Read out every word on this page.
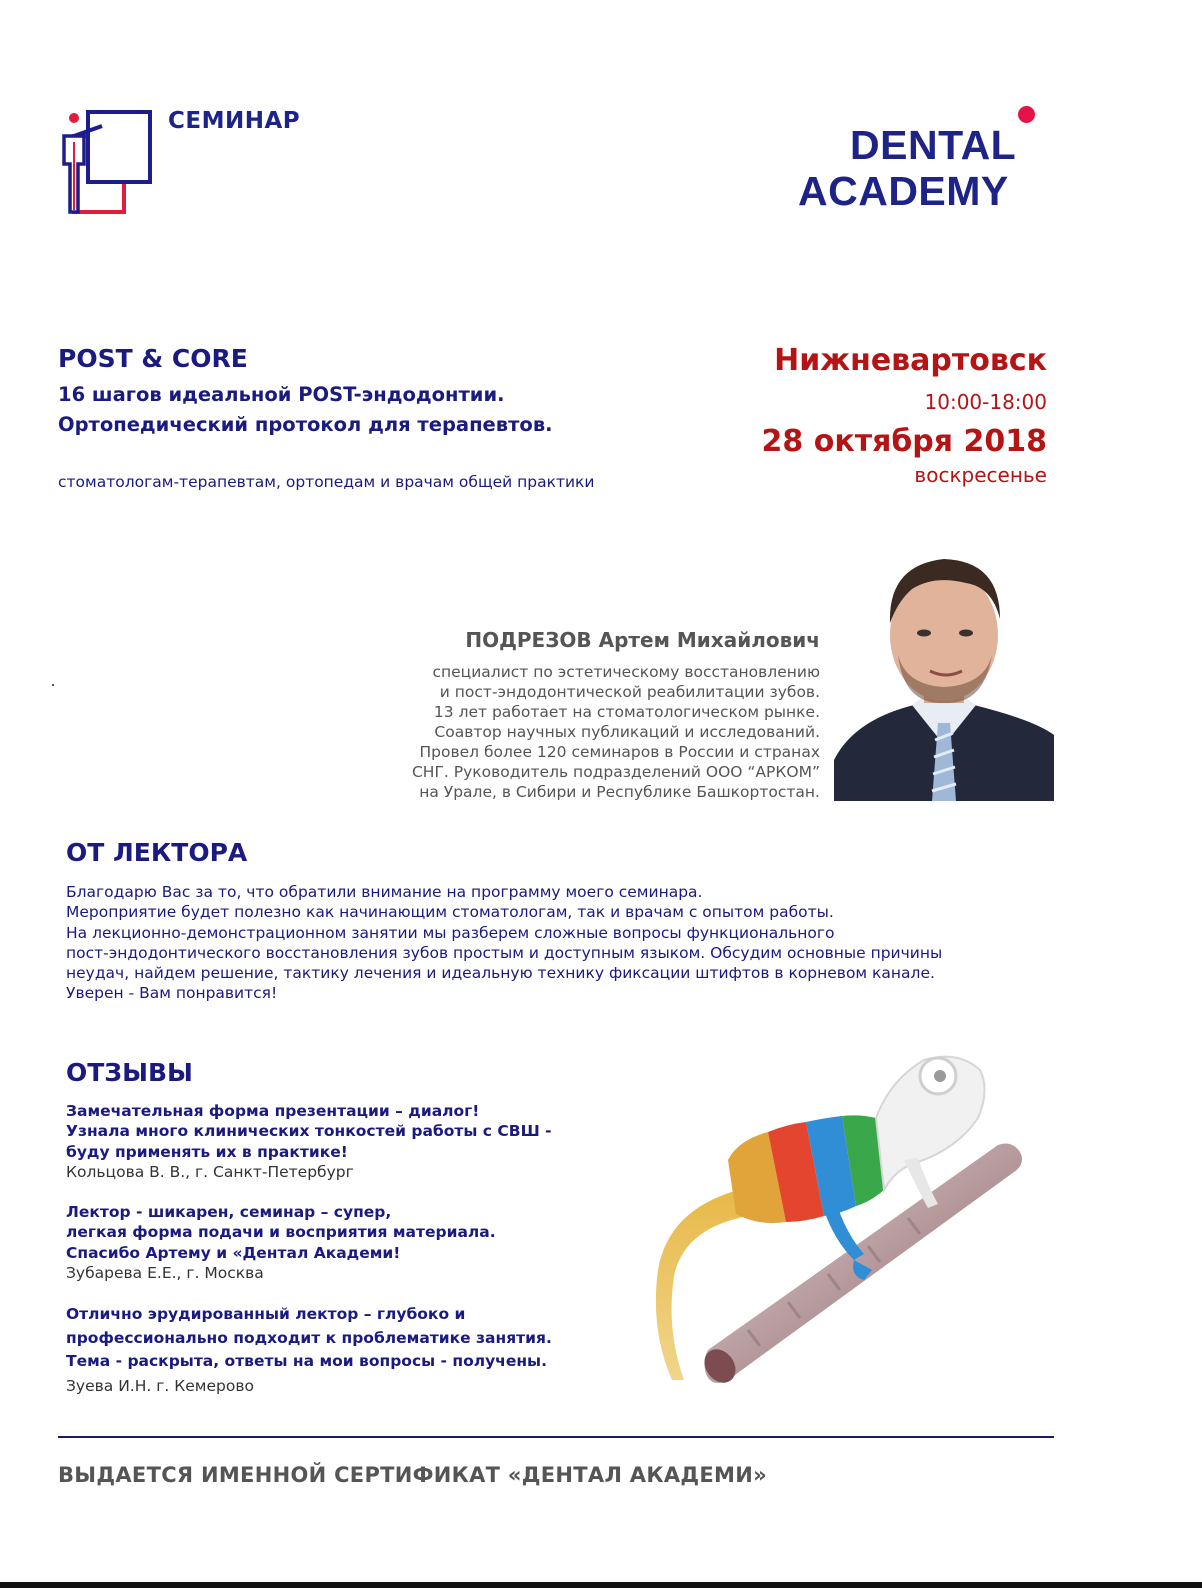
СЕМИНАР
DENTAL
ACADEMY
POST & CORE
16 шагов идеальной POST-эндодонтии.
Ортопедический протокол для терапевтов.
стоматологам-терапевтам, ортопедам и врачам общей практики
Нижневартовск
10:00-18:00
28 октября 2018
воскресенье
ПОДРЕЗОВ Артем Михайлович
специалист по эстетическому восстановлению
и пост-эндодонтической реабилитации зубов.
13 лет работает на стоматологическом рынке.
Соавтор научных публикаций и исследований.
Провел более 120 семинаров в России и странах
СНГ. Руководитель подразделений ООО “АРКОМ”
на Урале, в Сибири и Республике Башкортостан.
ОТ ЛЕКТОРА
Благодарю Вас за то, что обратили внимание на программу моего семинара.
Мероприятие будет полезно как начинающим стоматологам, так и врачам с опытом работы.
На лекционно-демонстрационном занятии мы разберем сложные вопросы функционального
пост-эндодонтического восстановления зубов простым и доступным языком. Обсудим основные причины
неудач, найдем решение, тактику лечения и идеальную технику фиксации штифтов в корневом канале.
Уверен - Вам понравится!
ОТЗЫВЫ
Замечательная форма презентации – диалог!
Узнала много клинических тонкостей работы с СВШ -
буду применять их в практике!
Кольцова В. В., г. Санкт-Петербург
Лектор - шикарен, семинар – супер,
легкая форма подачи и восприятия материала.
Спасибо Артему и «Дентал Академи!
Зубарева Е.Е., г. Москва
Отлично эрудированный лектор – глубоко и
профессионально подходит к проблематике занятия.
Тема - раскрыта, ответы на мои вопросы - получены.
Зуева И.Н. г. Кемерово
ВЫДАЕТСЯ ИМЕННОЙ СЕРТИФИКАТ «ДЕНТАЛ АКАДЕМИ»
